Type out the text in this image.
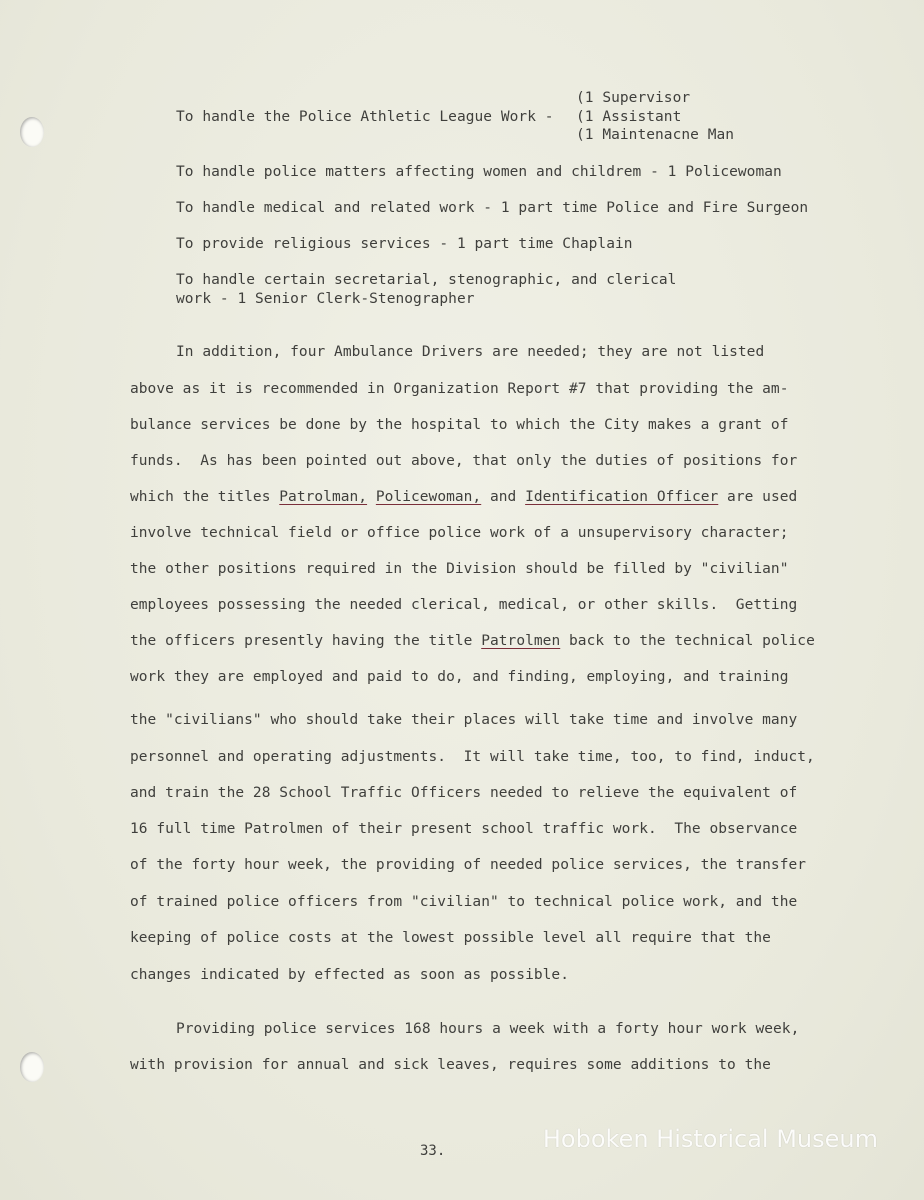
(1 Supervisor
To handle the Police Athletic League Work - (1 Assistant
(1 Maintenacne Man
To handle police matters affecting women and childrem - 1 Policewoman
To handle medical and related work - 1 part time Police and Fire Surgeon
To provide religious services - 1 part time Chaplain
To handle certain secretarial, stenographic, and clerical
work - 1 Senior Clerk-Stenographer
In addition, four Ambulance Drivers are needed; they are not listed
above as it is recommended in Organization Report #7 that providing the am-
bulance services be done by the hospital to which the City makes a grant of
funds.  As has been pointed out above, that only the duties of positions for
which the titles Patrolman, Policewoman, and Identification Officer are used
involve technical field or office police work of a unsupervisory character;
the other positions required in the Division should be filled by "civilian"
employees possessing the needed clerical, medical, or other skills.  Getting
the officers presently having the title Patrolmen back to the technical police
work they are employed and paid to do, and finding, employing, and training
the "civilians" who should take their places will take time and involve many
personnel and operating adjustments.  It will take time, too, to find, induct,
and train the 28 School Traffic Officers needed to relieve the equivalent of
16 full time Patrolmen of their present school traffic work.  The observance
of the forty hour week, the providing of needed police services, the transfer
of trained police officers from "civilian" to technical police work, and the
keeping of police costs at the lowest possible level all require that the
changes indicated by effected as soon as possible.
Providing police services 168 hours a week with a forty hour work week,
with provision for annual and sick leaves, requires some additions to the
33.	Hoboken Historical Museum
